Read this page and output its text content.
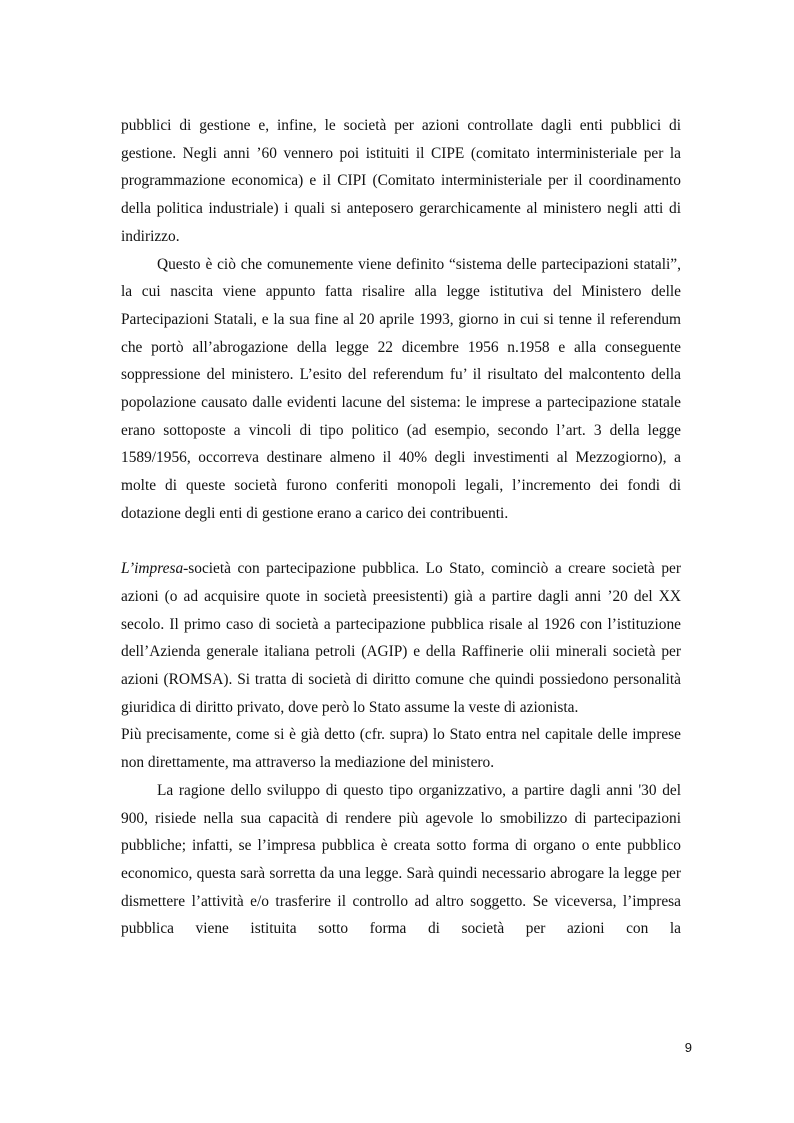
pubblici di gestione e, infine, le società per azioni controllate dagli enti pubblici di gestione. Negli anni ’60 vennero poi istituiti il CIPE (comitato interministeriale per la programmazione economica) e il CIPI (Comitato interministeriale per il coordinamento della politica industriale) i quali si anteposero gerarchicamente al ministero negli atti di indirizzo.

Questo è ciò che comunemente viene definito “sistema delle partecipazioni statali”, la cui nascita viene appunto fatta risalire alla legge istitutiva del Ministero delle Partecipazioni Statali, e la sua fine al 20 aprile 1993, giorno in cui si tenne il referendum che portò all’abrogazione della legge 22 dicembre 1956 n.1958 e alla conseguente soppressione del ministero. L’esito del referendum fu’ il risultato del malcontento della popolazione causato dalle evidenti lacune del sistema: le imprese a partecipazione statale erano sottoposte a vincoli di tipo politico (ad esempio, secondo l’art. 3 della legge 1589/1956, occorreva destinare almeno il 40% degli investimenti al Mezzogiorno), a molte di queste società furono conferiti monopoli legali, l’incremento dei fondi di dotazione degli enti di gestione erano a carico dei contribuenti.

L’impresa-società con partecipazione pubblica. Lo Stato, cominciò a creare società per azioni (o ad acquisire quote in società preesistenti) già a partire dagli anni ’20 del XX secolo. Il primo caso di società a partecipazione pubblica risale al 1926 con l’istituzione dell’Azienda generale italiana petroli (AGIP) e della Raffinerie olii minerali società per azioni (ROMSA). Si tratta di società di diritto comune che quindi possiedono personalità giuridica di diritto privato, dove però lo Stato assume la veste di azionista.

Più precisamente, come si è già detto (cfr. supra) lo Stato entra nel capitale delle imprese non direttamente, ma attraverso la mediazione del ministero.

La ragione dello sviluppo di questo tipo organizzativo, a partire dagli anni '30 del 900, risiede nella sua capacità di rendere più agevole lo smobilizzo di partecipazioni pubbliche; infatti, se l’impresa pubblica è creata sotto forma di organo o ente pubblico economico, questa sarà sorretta da una legge. Sarà quindi necessario abrogare la legge per dismettere l’attività e/o trasferire il controllo ad altro soggetto. Se viceversa, l’impresa pubblica viene istituita sotto forma di società per azioni con la

9
